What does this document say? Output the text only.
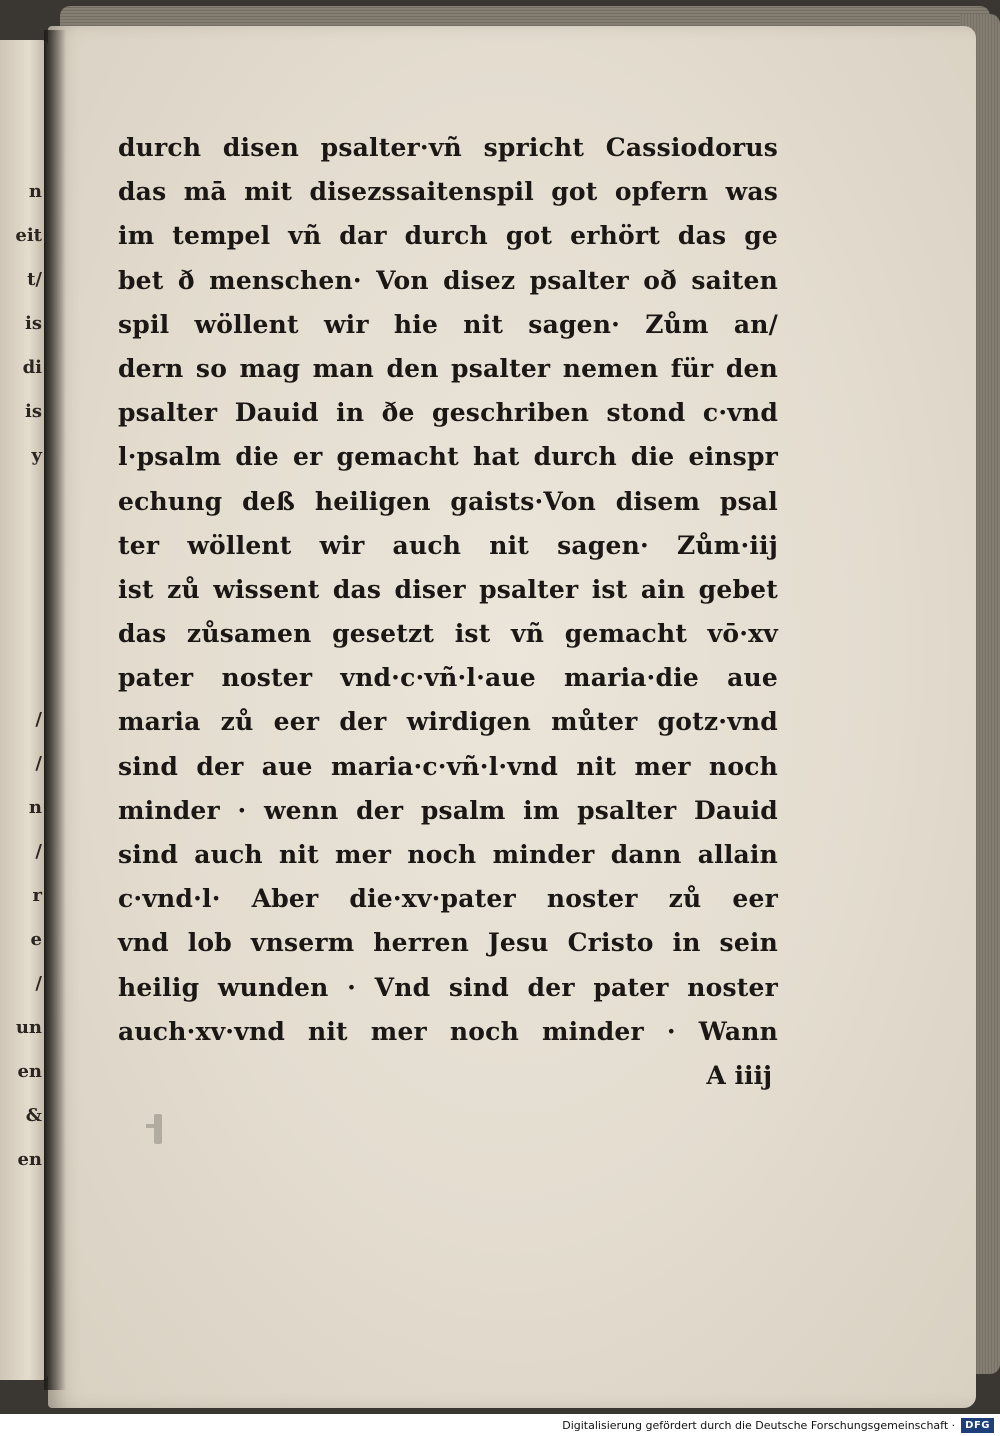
n
eit
t/
is
di
is
y
/
/
n
/
r
e
/
un
en
&
en
durch disen psalter·vñ spricht Cassiodorus
das mā mit disezssaitenspil got opfern was
im tempel vñ dar durch got erhört das ge
bet ð menschen· Von disez psalter oð saiten
spil wöllent wir hie nit sagen· Zům an/
dern so mag man den psalter nemen für den
psalter Dauid in ðe geschriben stond c·vnd
l·psalm die er gemacht hat durch die einspr
echung deß heiligen gaists·Von disem psal
ter wöllent wir auch nit sagen· Zům·iij
ist zů wissent das diser psalter ist ain gebet
das zůsamen gesetzt ist vñ gemacht vō·xv
pater noster vnd·c·vñ·l·aue maria·die aue
maria zů eer der wirdigen můter gotz·vnd
sind der aue maria·c·vñ·l·vnd nit mer noch
minder · wenn der psalm im psalter Dauid
sind auch nit mer noch minder dann allain
c·vnd·l· Aber die·xv·pater noster zů eer
vnd lob vnserm herren Jesu Cristo in sein
heilig wunden · Vnd sind der pater noster
auch·xv·vnd nit mer noch minder · Wann
A iiij
Digitalisierung gefördert durch die Deutsche Forschungsgemeinschaft ·	DFG
